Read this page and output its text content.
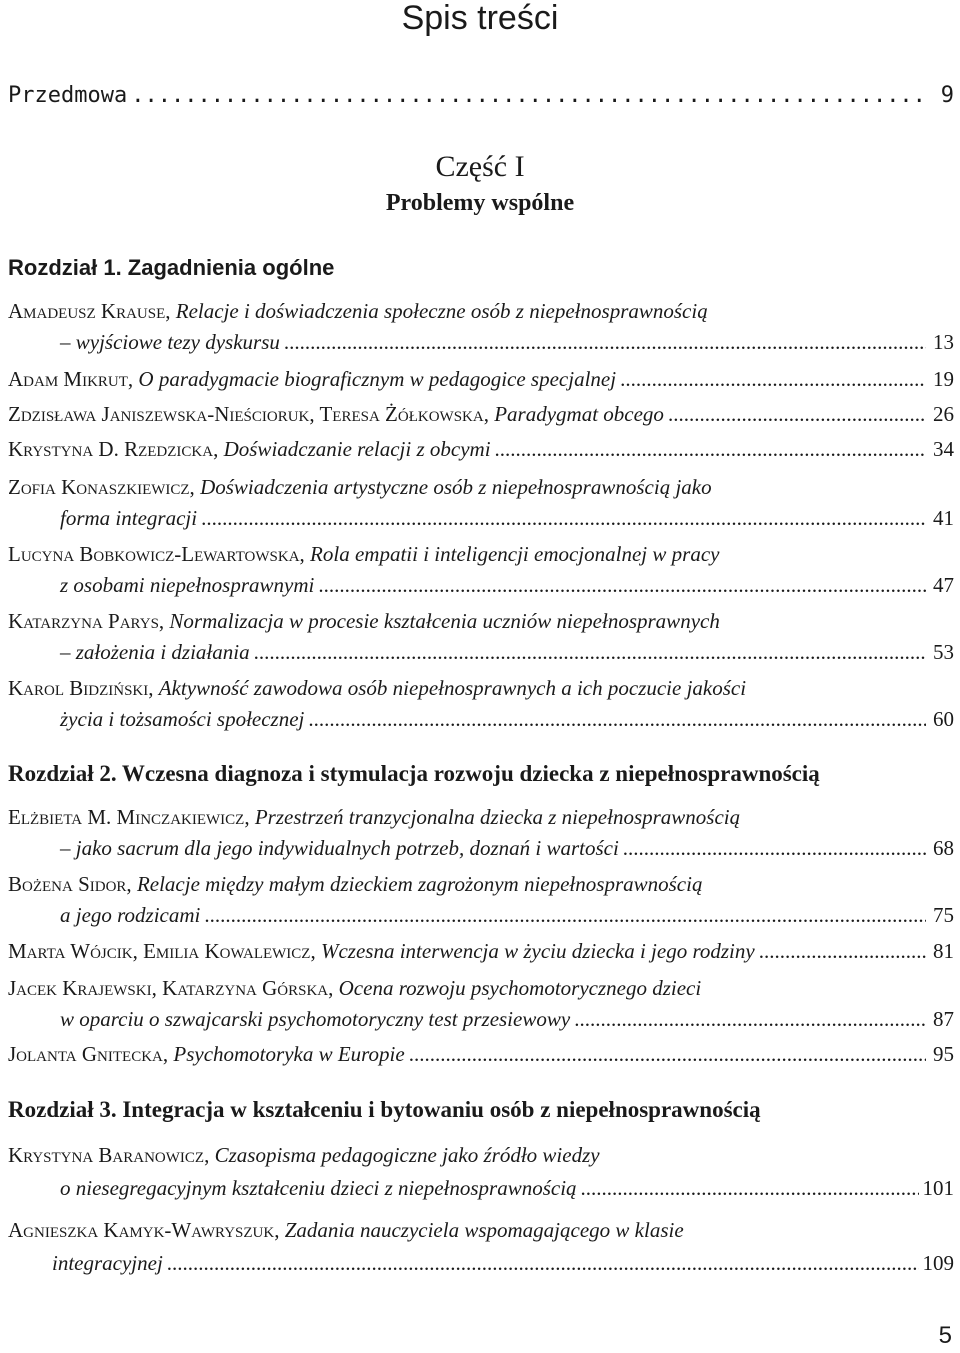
Spis treści
Przedmowa .....	9
Część I
Problemy wspólne
Rozdział 1. Zagadnienia ogólne
Amadeusz Krause,
Relacje i doświadczenia społeczne osób z niepełnosprawnością
– wyjściowe tezy dyskursu .....	13
Adam Mikrut,
O paradygmacie biograficznym w pedagogice specjalnej .....	19
Zdzisława Janiszewska-Nieścioruk, Teresa Żółkowska,
Paradygmat obcego .....	26
Krystyna D. Rzedzicka,
Doświadczanie relacji z obcymi .....	34
Zofia Konaszkiewicz,
Doświadczenia artystyczne osób z niepełnosprawnością jako
forma integracji .....	41
Lucyna Bobkowicz-Lewartowska,
Rola empatii i inteligencji emocjonalnej w pracy
z osobami niepełnosprawnymi .....	47
Katarzyna Parys,
Normalizacja w procesie kształcenia uczniów niepełnosprawnych
– założenia i działania .....	53
Karol Bidziński,
Aktywność zawodowa osób niepełnosprawnych a ich poczucie jakości
życia i tożsamości społecznej .....	60
Rozdział 2. Wczesna diagnoza i stymulacja rozwoju dziecka z niepełnosprawnością
Elżbieta M. Minczakiewicz,
Przestrzeń tranzycjonalna dziecka z niepełnosprawnością
– jako sacrum dla jego indywidualnych potrzeb, doznań i wartości .....	68
Bożena Sidor,
Relacje między małym dzieckiem zagrożonym niepełnosprawnością
a jego rodzicami .....	75
Marta Wójcik, Emilia Kowalewicz,
Wczesna interwencja w życiu dziecka i jego rodziny .....	81
Jacek Krajewski, Katarzyna Górska,
Ocena rozwoju psychomotorycznego dzieci
w oparciu o szwajcarski psychomotoryczny test przesiewowy .....	87
Jolanta Gnitecka,
Psychomotoryka w Europie .....	95
Rozdział 3. Integracja w kształceniu i bytowaniu osób z niepełnosprawnością
Krystyna Baranowicz,
Czasopisma pedagogiczne jako źródło wiedzy
o niesegregacyjnym kształceniu dzieci z niepełnosprawnością .....	101
Agnieszka Kamyk-Wawryszuk,
Zadania nauczyciela wspomagającego w klasie
integracyjnej .....	109
5
